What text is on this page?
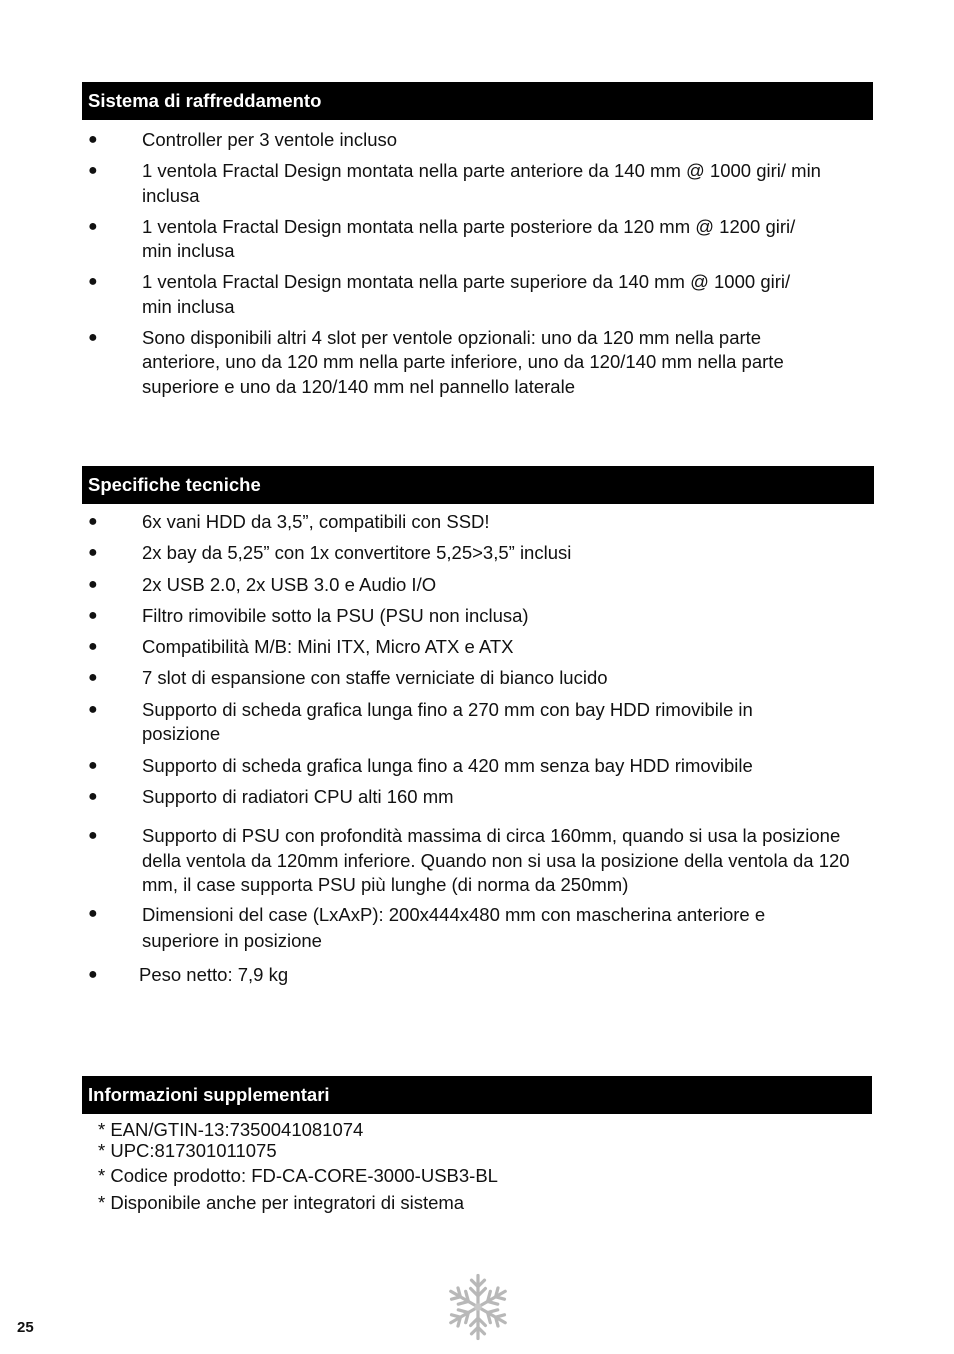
Sistema di raffreddamento
● Controller per 3 ventole incluso
● 1 ventola Fractal Design montata nella parte anteriore da 140 mm @ 1000 giri/ min inclusa
● 1 ventola Fractal Design montata nella parte posteriore da 120 mm @ 1200 giri/ min inclusa
● 1 ventola Fractal Design montata nella parte superiore da 140 mm @ 1000 giri/ min inclusa
● Sono disponibili altri 4 slot per ventole opzionali: uno da 120 mm nella parte anteriore, uno da 120 mm nella parte inferiore, uno da 120/140 mm nella parte superiore e uno da 120/140 mm nel pannello laterale
Specifiche tecniche
● 6x vani HDD da 3,5”, compatibili con SSD!
● 2x bay da 5,25” con 1x convertitore 5,25>3,5” inclusi
● 2x USB 2.0, 2x USB 3.0 e Audio I/O
● Filtro rimovibile sotto la PSU (PSU non inclusa)
● Compatibilità M/B: Mini ITX, Micro ATX e ATX
● 7 slot di espansione con staffe verniciate di bianco lucido
● Supporto di scheda grafica lunga fino a 270 mm con bay HDD rimovibile in posizione
● Supporto di scheda grafica lunga fino a 420 mm senza bay HDD rimovibile
● Supporto di radiatori CPU alti 160 mm
● Supporto di PSU con profondità massima di circa 160mm, quando si usa la posizione della ventola da 120mm inferiore. Quando non si usa la posizione della ventola da 120 mm, il case supporta PSU più lunghe (di norma da 250mm)
● Dimensioni del case (LxAxP): 200x444x480 mm con mascherina anteriore e superiore in posizione
● Peso netto: 7,9 kg
Informazioni supplementari
* EAN/GTIN-13:7350041081074
* UPC:817301011075
* Codice prodotto: FD-CA-CORE-3000-USB3-BL
* Disponibile anche per integratori di sistema
25
